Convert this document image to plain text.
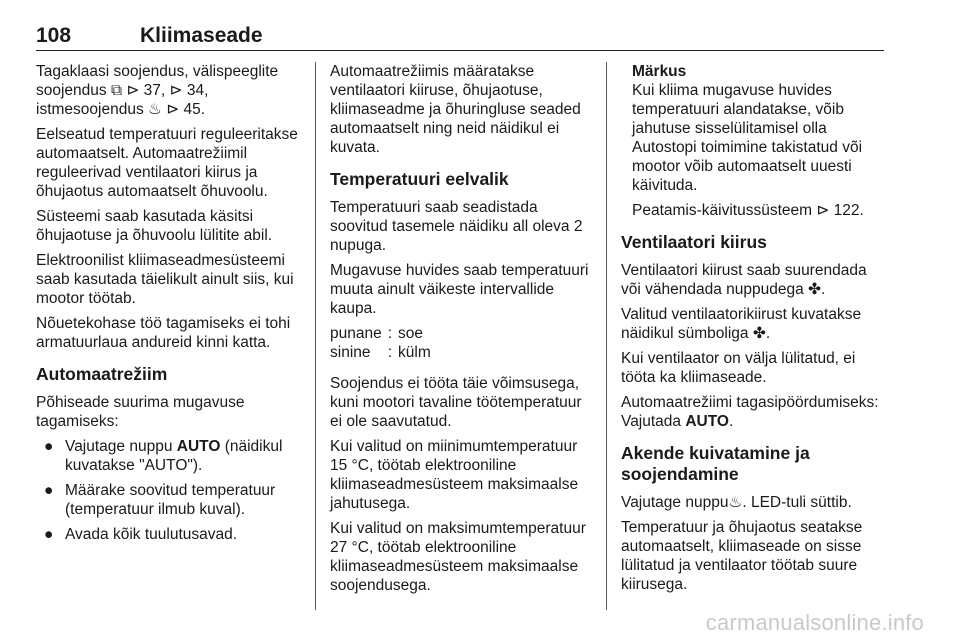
108	Kliimaseade

Tagaklaasi soojendus, välispeeglite soojendus ⧉ ⊳ 37, ⊳ 34, istmesoojendus ♨ ⊳ 45.

Eelseatud temperatuuri reguleeritakse automaatselt. Automaatrežiimil reguleerivad ventilaatori kiirus ja õhujaotus automaatselt õhuvoolu.

Süsteemi saab kasutada käsitsi õhujaotuse ja õhuvoolu lülitite abil.

Elektroonilist kliimaseadmesüsteemi saab kasutada täielikult ainult siis, kui mootor töötab.

Nõuetekohase töö tagamiseks ei tohi armatuurlaua andureid kinni katta.

Automaatrežiim

Põhiseade suurima mugavuse tagamiseks:

● Vajutage nuppu AUTO (näidikul kuvatakse "AUTO").
● Määrake soovitud temperatuur (temperatuur ilmub kuval).
● Avada kõik tuulutusavad.

Automaatrežiimis määratakse ventilaatori kiiruse, õhujaotuse, kliimaseadme ja õhuringluse seaded automaatselt ning neid näidikul ei kuvata.

Temperatuuri eelvalik

Temperatuuri saab seadistada soovitud tasemele näidiku all oleva 2 nupuga.

Mugavuse huvides saab temperatuuri muuta ainult väikeste intervallide kaupa.

punane	:	soe
sinine	:	külm

Soojendus ei tööta täie võimsusega, kuni mootori tavaline töötemperatuur ei ole saavutatud.

Kui valitud on miinimumtemperatuur 15 °C, töötab elektrooniline kliimaseadmesüsteem maksimaalse jahutusega.

Kui valitud on maksimumtemperatuur 27 °C, töötab elektrooniline kliimaseadmesüsteem maksimaalse soojendusega.

Märkus

Kui kliima mugavuse huvides temperatuuri alandatakse, võib jahutuse sisselülitamisel olla Autostopi toimimine takistatud või mootor võib automaatselt uuesti käivituda.

Peatamis-käivitussüsteem ⊳ 122.

Ventilaatori kiirus

Ventilaatori kiirust saab suurendada või vähendada nuppudega ✤.

Valitud ventilaatorikiirust kuvatakse näidikul sümboliga ✤.

Kui ventilaator on välja lülitatud, ei tööta ka kliimaseade.

Automaatrežiimi tagasipöördumiseks: Vajutada AUTO.

Akende kuivatamine ja soojendamine

Vajutage nuppu♨. LED-tuli süttib.

Temperatuur ja õhujaotus seatakse automaatselt, kliimaseade on sisse lülitatud ja ventilaator töötab suure kiirusega.

carmanualsonline.info
